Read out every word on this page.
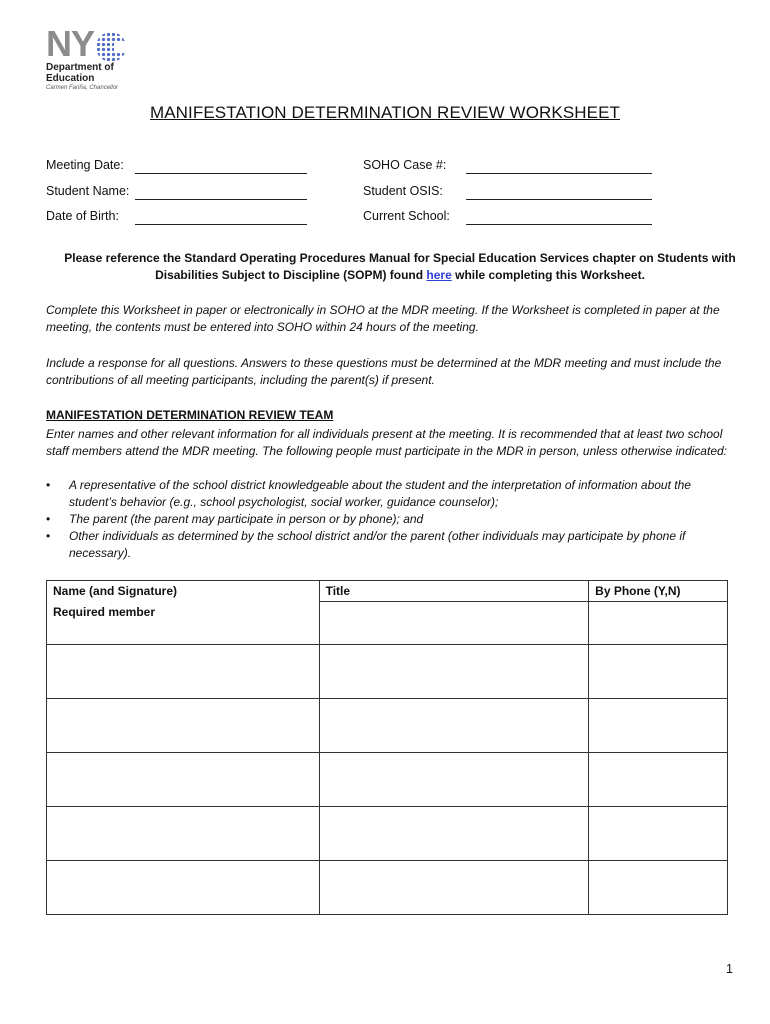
NY
Department of
Education
Carmen Fariña, Chancellor
MANIFESTATION DETERMINATION REVIEW WORKSHEET
Meeting Date:
Student Name:
Date of Birth:
SOHO Case #:
Student OSIS:
Current School:
Please reference the Standard Operating Procedures Manual for Special Education Services chapter on Students with Disabilities Subject to Discipline (SOPM) found here while completing this Worksheet.
Complete this Worksheet in paper or electronically in SOHO at the MDR meeting. If the Worksheet is completed in paper at the meeting, the contents must be entered into SOHO within 24 hours of the meeting.
Include a response for all questions. Answers to these questions must be determined at the MDR meeting and must include the contributions of all meeting participants, including the parent(s) if present.
MANIFESTATION DETERMINATION REVIEW TEAM
Enter names and other relevant information for all individuals present at the meeting. It is recommended that at least two school staff members attend the MDR meeting. The following people must participate in the MDR in person, unless otherwise indicated:
• A representative of the school district knowledgeable about the student and the interpretation of information about the student’s behavior (e.g., school psychologist, social worker, guidance counselor);
• The parent (the parent may participate in person or by phone); and
• Other individuals as determined by the school district and/or the parent (other individuals may participate by phone if necessary).
Name (and Signature)	Title	By Phone (Y,N)
Required member		

1
